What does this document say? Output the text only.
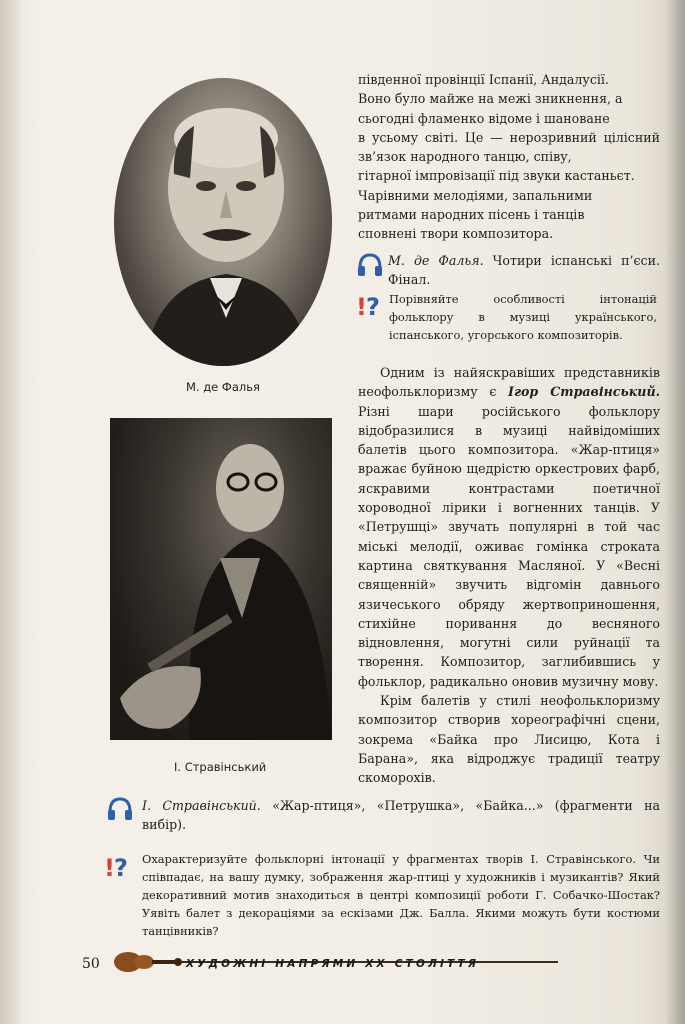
М. де Фалья
І. Стравінський

південної провінції Іспанії, Андалусії.

Воно було майже на межі зникнення, а

сьогодні фламенко відоме і шановане

в усьому світі. Це — нерозривний цілісний зв’язок народного танцю, співу,

гітарної імпровізації під звуки кастаньєт.

Чарівними мелодіями, запальними

ритмами народних пісень і танців

сповнені твори композитора.

М. де Фалья. Чотири іспанські п’єси. Фінал.
! ? Порівняйте особливості інтонацій фольклору в музиці українського, іспанського, угорського композиторів.

Одним із найяскравіших представників неофольклоризму є Ігор Стравінський. Різні шари російського фольклору відобразилися в музиці найвідоміших балетів цього композитора. «Жар-птиця» вражає буйною щедрістю оркестрових фарб, яскравими контрастами поетичної хороводної лірики і вогненних танців. У «Петрушці» звучать популярні в той час міські мелодії, оживає гомінка строката картина святкування Масляної. У «Весні священній» звучить відгомін давнього язичеського обряду жертвоприношення, стихійне поривання до весняного відновлення, могутні сили руйнації та творення. Композитор, заглибившись у фольклор, радикально оновив музичну мову.

Крім балетів у стилі неофольклоризму композитор створив хореографічні сцени, зокрема «Байка про Лисицю, Кота і Барана», яка відроджує традиції театру скоморохів.

І. Стравінський. «Жар-птиця», «Петрушка», «Байка...» (фрагменти на вибір).
! ? Охарактеризуйте фольклорні інтонації у фрагментах творів І. Стравінського. Чи співпадає, на вашу думку, зображення жар-птиці у художників і музикантів? Який декоративний мотив знаходиться в центрі композиції роботи Г. Собачко-Шостак? Уявіть балет з декораціями за ескізами Дж. Балла. Якими можуть бути костюми танцівників?
50	ХУДОЖНІ НАПРЯМИ XX СТОЛІТТЯ
